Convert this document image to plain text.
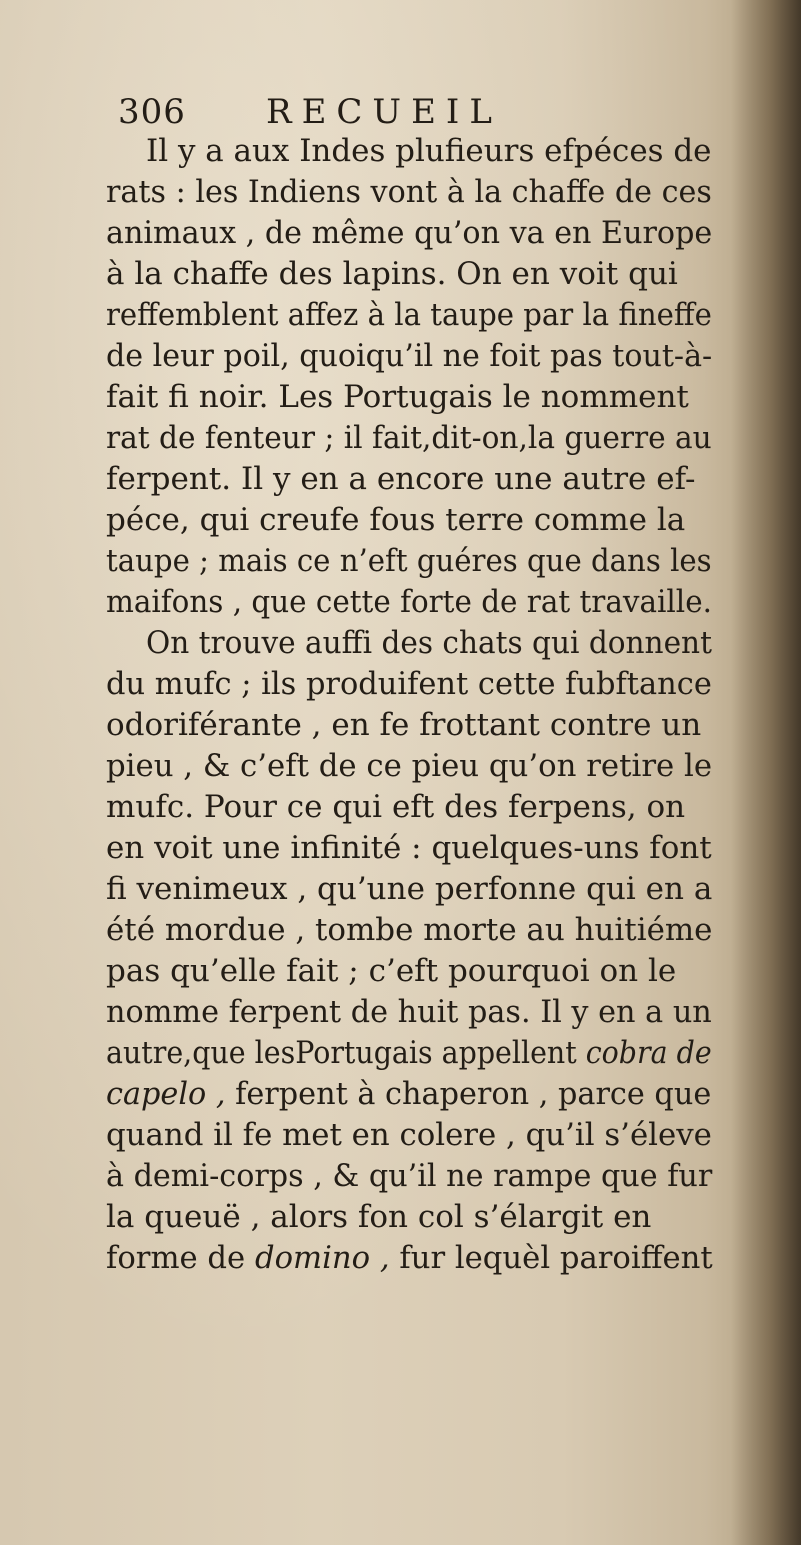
306 RECUEIL
Il y a aux Indes plufieurs efpéces de
rats : les Indiens vont à la chaffe de ces
animaux , de même qu’on va en Europe
à la chaffe des lapins. On en voit qui
reffemblent affez à la taupe par la fineffe
de leur poil, quoiqu’il ne foit pas tout-à-
fait fi noir. Les Portugais le nomment
rat de fenteur ; il fait,dit-on,la guerre au
ferpent. Il y en a encore une autre ef-
péce, qui creufe fous terre comme la
taupe ; mais ce n’eft guéres que dans les
maifons , que cette forte de rat travaille.
On trouve auffi des chats qui donnent
du mufc ; ils produifent cette fubftance
odoriférante , en fe frottant contre un
pieu , & c’eft de ce pieu qu’on retire le
mufc. Pour ce qui eft des ferpens, on
en voit une infinité : quelques-uns font
fi venimeux , qu’une perfonne qui en a
été mordue , tombe morte au huitiéme
pas qu’elle fait ; c’eft pourquoi on le
nomme ferpent de huit pas. Il y en a un
autre,que lesPortugais appellent cobra de
capelo , ferpent à chaperon , parce que
quand il fe met en colere , qu’il s’éleve
à demi-corps , & qu’il ne rampe que fur
la queuë , alors fon col s’élargit en
forme de domino , fur lequèl paroiffent
